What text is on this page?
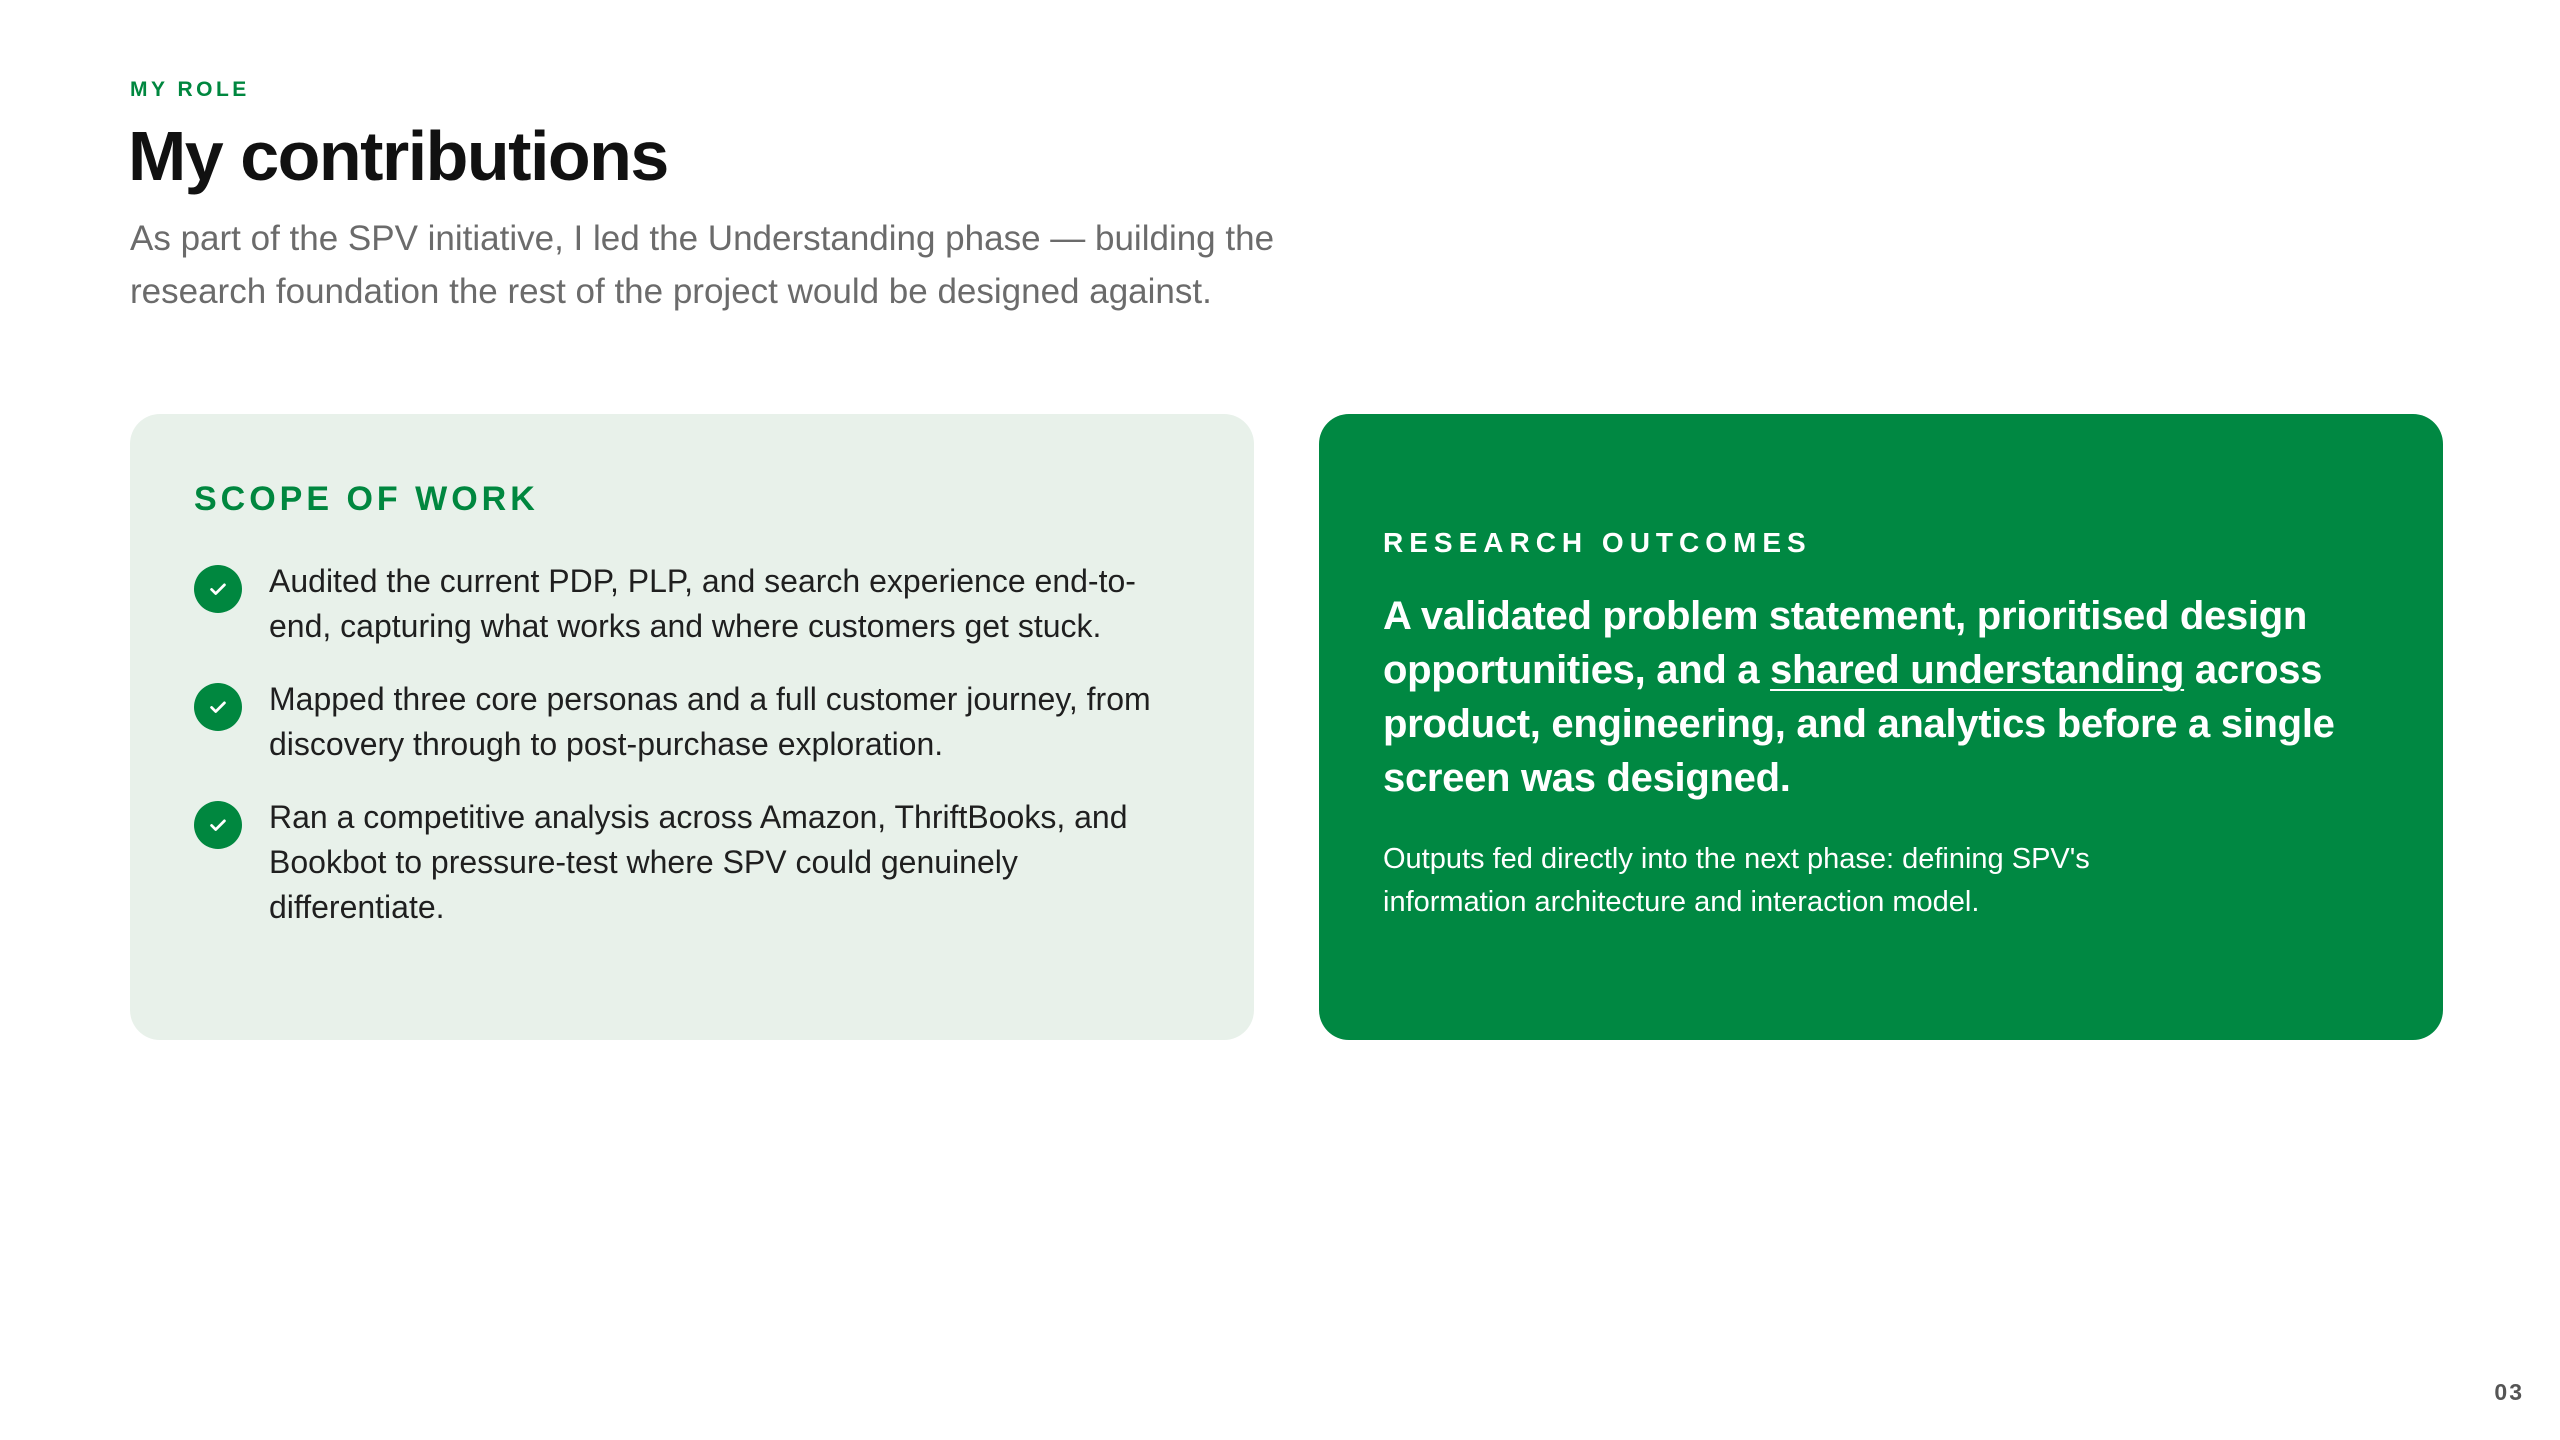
MY ROLE
My contributions

As part of the SPV initiative, I led the Understanding phase — building the research foundation the rest of the project would be designed against.

SCOPE OF WORK
Audited the current PDP, PLP, and search experience end-to-end, capturing what works and where customers get stuck.
Mapped three core personas and a full customer journey, from discovery through to post-purchase exploration.
Ran a competitive analysis across Amazon, ThriftBooks, and Bookbot to pressure-test where SPV could genuinely differentiate.
RESEARCH OUTCOMES

A validated problem statement, prioritised design opportunities, and a shared understanding across product, engineering, and analytics before a single screen was designed.

Outputs fed directly into the next phase: defining SPV's information architecture and interaction model.

03
